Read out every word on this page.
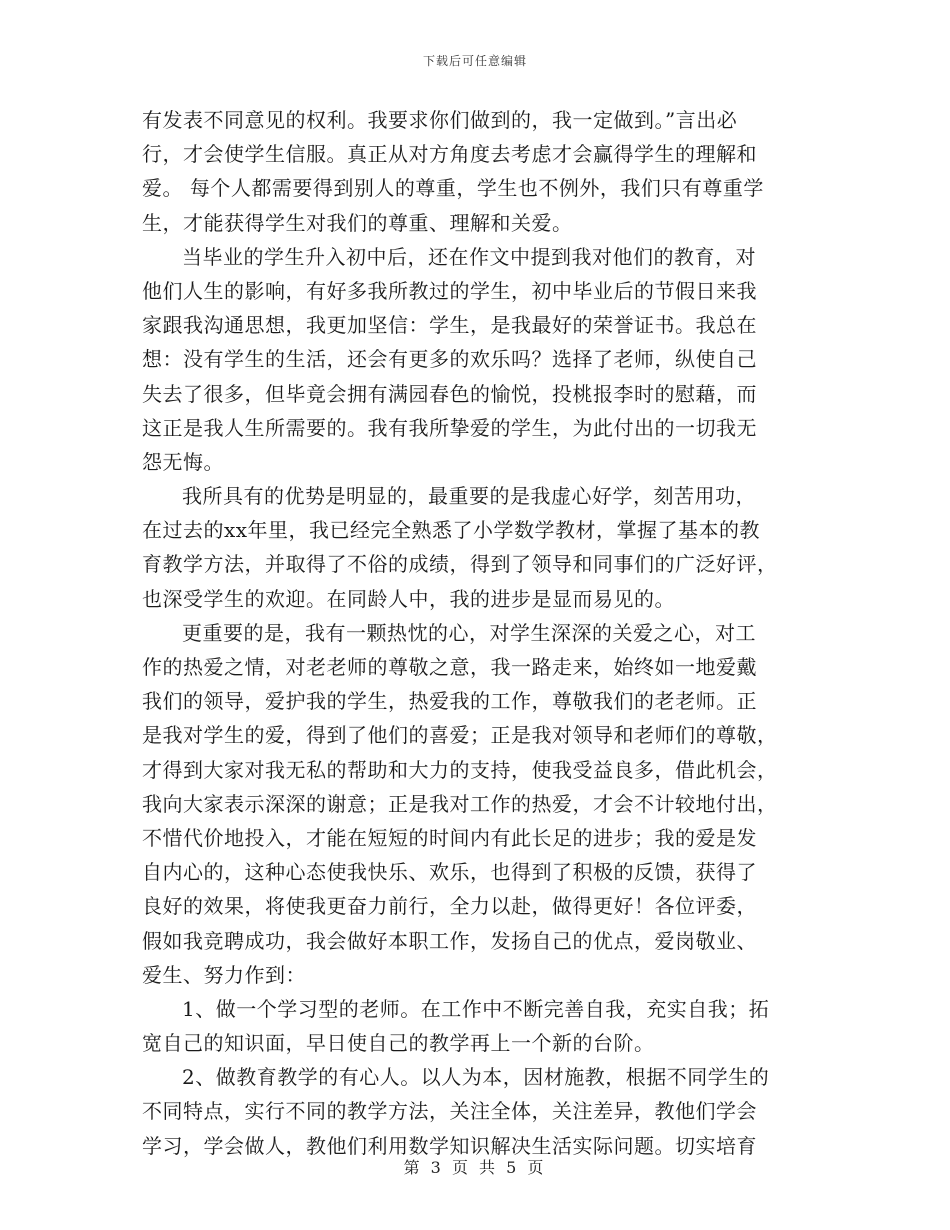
下载后可任意编辑
有发表不同意见的权利。我要求你们做到的，我一定做到。”言出必
行，才会使学生信服。真正从对方角度去考虑才会赢得学生的理解和
爱。 每个人都需要得到别人的尊重，学生也不例外，我们只有尊重学
生，才能获得学生对我们的尊重、理解和关爱。
当毕业的学生升入初中后，还在作文中提到我对他们的教育，对
他们人生的影响，有好多我所教过的学生，初中毕业后的节假日来我
家跟我沟通思想，我更加坚信：学生，是我最好的荣誉证书。我总在
想：没有学生的生活，还会有更多的欢乐吗？选择了老师，纵使自己
失去了很多，但毕竟会拥有满园春色的愉悦，投桃报李时的慰藉，而
这正是我人生所需要的。我有我所挚爱的学生，为此付出的一切我无
怨无悔。
我所具有的优势是明显的，最重要的是我虚心好学，刻苦用功，
在过去的xx年里，我已经完全熟悉了小学数学教材，掌握了基本的教
育教学方法，并取得了不俗的成绩，得到了领导和同事们的广泛好评，
也深受学生的欢迎。在同龄人中，我的进步是显而易见的。
更重要的是，我有一颗热忱的心，对学生深深的关爱之心，对工
作的热爱之情，对老老师的尊敬之意，我一路走来，始终如一地爱戴
我们的领导，爱护我的学生，热爱我的工作，尊敬我们的老老师。正
是我对学生的爱，得到了他们的喜爱；正是我对领导和老师们的尊敬，
才得到大家对我无私的帮助和大力的支持，使我受益良多，借此机会，
我向大家表示深深的谢意；正是我对工作的热爱，才会不计较地付出，
不惜代价地投入，才能在短短的时间内有此长足的进步；我的爱是发
自内心的，这种心态使我快乐、欢乐，也得到了积极的反馈，获得了
良好的效果，将使我更奋力前行，全力以赴，做得更好！各位评委，
假如我竞聘成功，我会做好本职工作，发扬自己的优点，爱岗敬业、
爱生、努力作到：
1、做一个学习型的老师。在工作中不断完善自我，充实自我；拓
宽自己的知识面，早日使自己的教学再上一个新的台阶。
2、做教育教学的有心人。以人为本，因材施教，根据不同学生的
不同特点，实行不同的教学方法，关注全体，关注差异，教他们学会
学习，学会做人，教他们利用数学知识解决生活实际问题。切实培育
第 3 页 共 5 页
